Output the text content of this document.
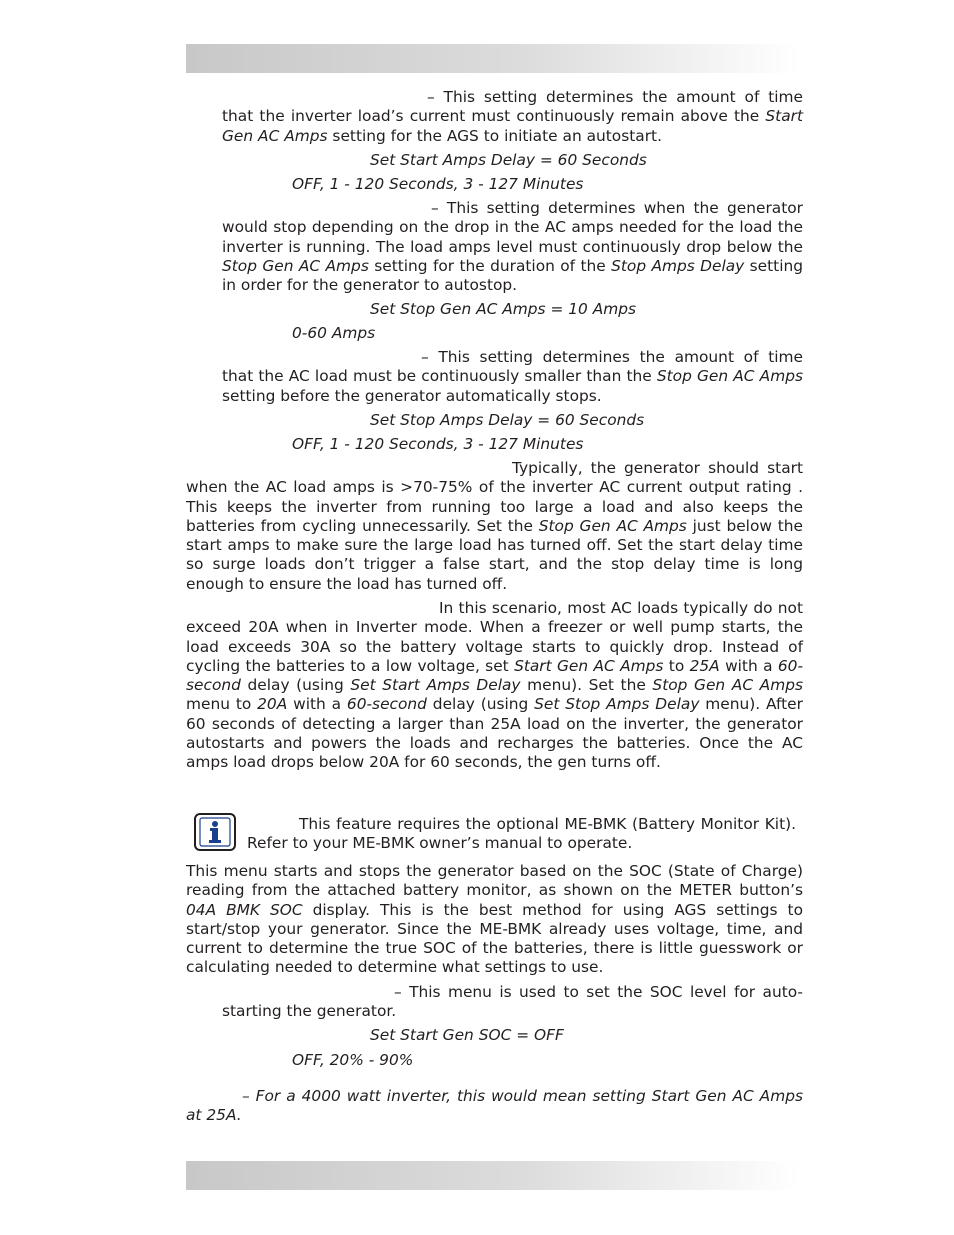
– This setting determines the amount of time that the inverter load’s current must continuously remain above the Start Gen AC Amps setting for the AGS to initiate an autostart.

Set Start Amps Delay = 60 Seconds

OFF, 1 - 120 Seconds, 3 - 127 Minutes

– This setting determines when the generator would stop depending on the drop in the AC amps needed for the load the inverter is running. The load amps level must continuously drop below the Stop Gen AC Amps setting for the duration of the Stop Amps Delay setting in order for the generator to autostop.

Set Stop Gen AC Amps = 10 Amps

0-60 Amps

– This setting determines the amount of time that the AC load must be continuously smaller than the Stop Gen AC Amps setting before the generator automatically stops.

Set Stop Amps Delay = 60 Seconds

OFF, 1 - 120 Seconds, 3 - 127 Minutes

Typically, the generator should start when the AC load amps is >70-75% of the inverter AC current output rating . This keeps the inverter from running too large a load and also keeps the batteries from cycling unnecessarily. Set the Stop Gen AC Amps just below the start amps to make sure the large load has turned off. Set the start delay time so surge loads don’t trigger a false start, and the stop delay time is long enough to ensure the load has turned off.

In this scenario, most AC loads typically do not exceed 20A when in Inverter mode. When a freezer or well pump starts, the load exceeds 30A so the battery voltage starts to quickly drop. Instead of cycling the batteries to a low voltage, set Start Gen AC Amps to 25A with a 60-second delay (using Set Start Amps Delay menu). Set the Stop Gen AC Amps menu to 20A with a 60-second delay (using Set Stop Amps Delay menu). After 60 seconds of detecting a larger than 25A load on the inverter, the generator autostarts and powers the loads and recharges the batteries. Once the AC amps load drops below 20A for 60 seconds, the gen turns off.

This feature requires the optional ME-BMK (Battery Monitor Kit). Refer to your ME-BMK owner’s manual to operate.

This menu starts and stops the generator based on the SOC (State of Charge) reading from the attached battery monitor, as shown on the METER button’s 04A BMK SOC display. This is the best method for using AGS settings to start/stop your generator. Since the ME-BMK already uses voltage, time, and current to determine the true SOC of the batteries, there is little guesswork or calculating needed to determine what settings to use.

– This menu is used to set the SOC level for auto-starting the generator.

Set Start Gen SOC = OFF

OFF, 20% - 90%

– For a 4000 watt inverter, this would mean setting Start Gen AC Amps at 25A.
